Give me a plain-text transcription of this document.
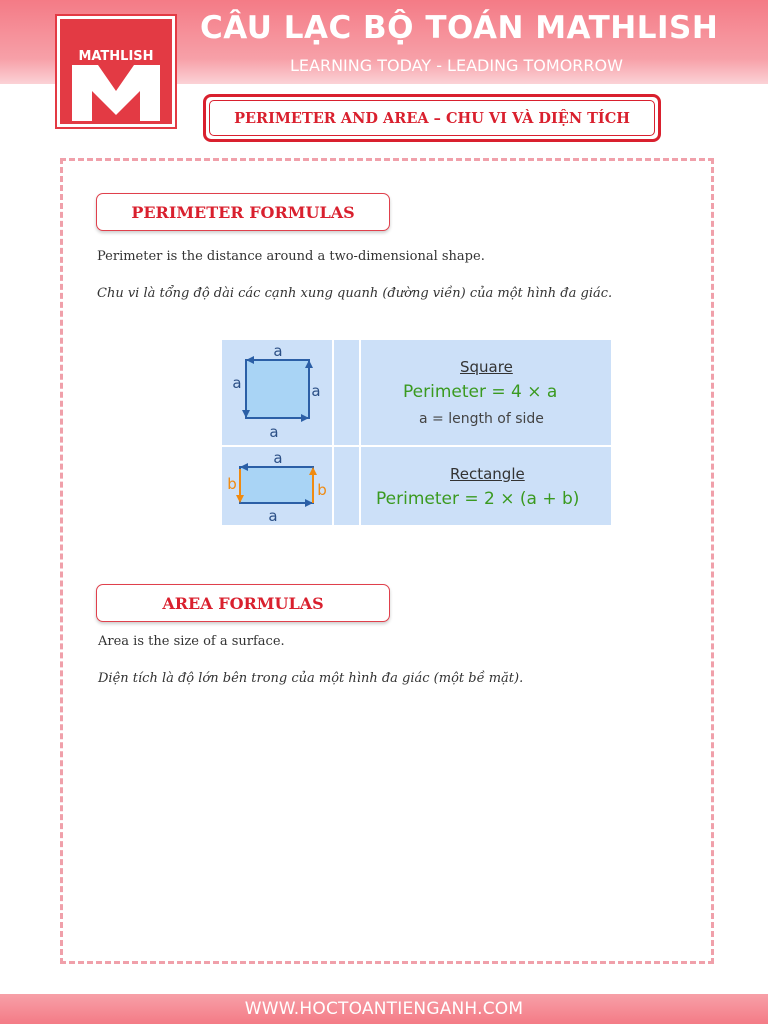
CÂU LẠC BỘ TOÁN MATHLISH
LEARNING TODAY - LEADING TOMORROW
MATHLISH
PERIMETER AND AREA – CHU VI VÀ DIỆN TÍCH
PERIMETER FORMULAS
Perimeter is the distance around a two-dimensional shape.
Chu vi là tổng độ dài các cạnh xung quanh (đường viền) của một hình đa giác.
a
a	a
a
a
a
b	b
Square
Perimeter = 4 × a
a = length of side
Rectangle
Perimeter = 2 × (a + b)
AREA FORMULAS
Area is the size of a surface.
Diện tích là độ lớn bên trong của một hình đa giác (một bề mặt).
WWW.HOCTOANTIENGANH.COM
